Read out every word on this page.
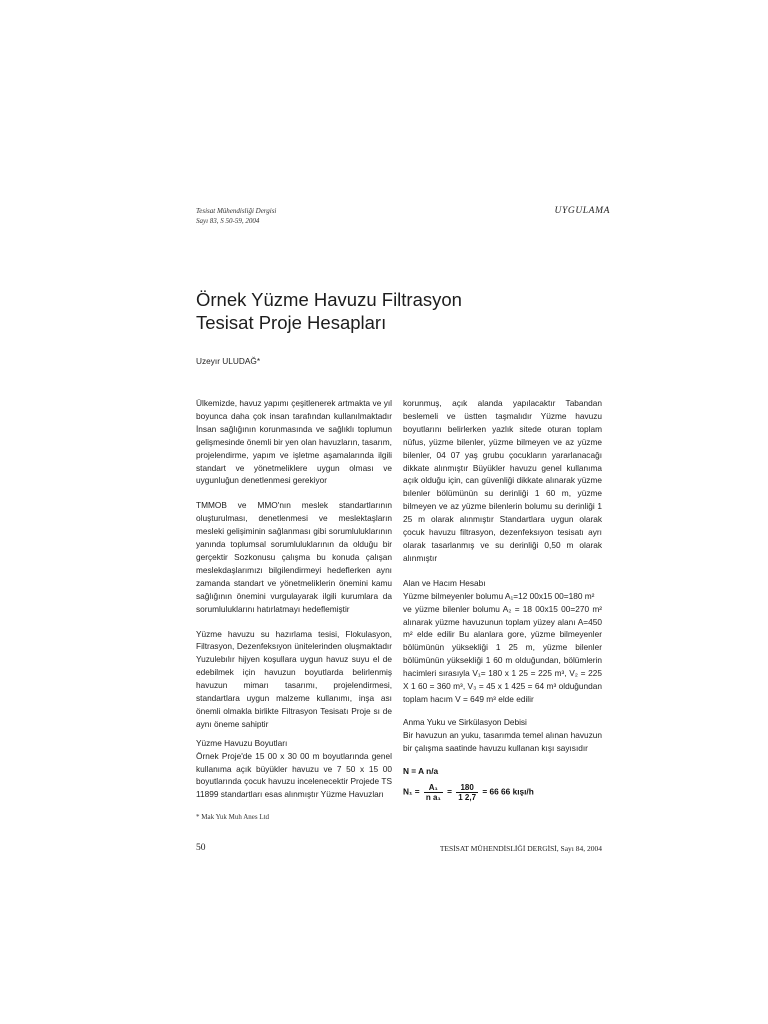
Tesisat Mühendisliği Dergisi
Sayı 83, S 50-59, 2004
UYGULAMA
Örnek Yüzme Havuzu Filtrasyon
Tesisat Proje Hesapları
Uzeyır ULUDAĞ*

Ülkemizde, havuz yapımı çeşitlenerek artmakta ve yıl boyunca daha çok insan tarafından kullanılmaktadır İnsan sağlığının korunmasında ve sağlıklı toplumun gelişmesinde önemli bir yen olan havuzların, tasarım, projelendirme, yapım ve işletme aşamalarında ilgili standart ve yönetmeliklere uygun olması ve uygunluğun denetlenmesi gerekiyor

TMMOB ve MMO'nın meslek standartlarının oluşturulması, denetlenmesi ve meslektaşların mesleki gelişiminin sağlanması gibi sorumluluklarının yanında toplumsal sorumluluklarının da olduğu bir gerçektir Sozkonusu çalışma bu konuda çalışan meslekdaşlarımızı bilgilendirmeyi hedeflerken aynı zamanda standart ve yönetmeliklerin önemini kamu sağlığının önemini vurgulayarak ilgili kurumlara da sorumluluklarını hatırlatmayı hedeflemiştir

Yüzme havuzu su hazırlama tesisi, Flokulasyon, Filtrasyon, Dezenfeksıyon ünitelerinden oluşmaktadır Yuzulebılır hijyen koşullara uygun havuz suyu el de edebilmek için havuzun boyutlarda belirlenmiş havuzun mimarı tasarımı, projelendirmesi, standartlara uygun malzeme kullanımı, inşa ası önemli olmakla birlikte Filtrasyon Tesisatı Proje sı de aynı öneme sahiptir

Yüzme Havuzu Boyutları

Örnek Proje'de 15 00 x 30 00 m boyutlarında genel kullanıma açık büyükler havuzu ve 7 50 x 15 00 boyutlarında çocuk havuzu incelenecektir Projede TS 11899 standartları esas alınmıştır Yüzme Havuzları

korunmuş, açık alanda yapılacaktır Tabandan beslemeli ve üstten taşmalıdır Yüzme havuzu boyutlarını belirlerken yazlık sitede oturan toplam nüfus, yüzme bilenler, yüzme bilmeyen ve az yüzme bilenler, 04 07 yaş grubu çocukların yararlanacağı dikkate alınmıştır Büyükler havuzu genel kullanıma açık olduğu için, can güvenliği dikkate alınarak yüzme bılenler bölümünün su derinliği 1 60 m, yüzme bilmeyen ve az yüzme bilenlerin bolumu su derinliği 1 25 m olarak alınmıştır Standartlara uygun olarak çocuk havuzu filtrasyon, dezenfeksıyon tesisatı ayrı olarak tasarlanmış ve su derinliği 0,50 m olarak alınmıştır

Alan ve Hacım Hesabı

Yüzme bilmeyenler bolumu A₁=12 00x15 00=180 m²

ve yüzme bilenler bolumu A₂ = 18 00x15 00=270 m² alınarak yüzme havuzunun toplam yüzey alanı A=450 m² elde edilir Bu alanlara gore, yüzme bilmeyenler bölümünün yüksekliği 1 25 m, yüzme bilenler bölümünün yüksekliği 1 60 m olduğundan, bölümlerin hacimleri sırasıyla V₁= 180 x 1 25 = 225 m³, V₂ = 225 X 1 60 = 360 m³, V₃ = 45 x 1 425 = 64 m³ olduğundan toplam hacım V = 649 m³ elde edilir

Anma Yuku ve Sirkülasyon Debisi

Bir havuzun an yuku, tasarımda temel alınan havuzun bir çalışma saatinde havuzu kullanan kışı sayısıdır

N = A n/a
$N_1 = \frac{\text{A₁}}{\text{n a₁}} = \frac{180}{1 2,7} = 66$ 66 kışı/h
* Mak Yuk Muh Anes Ltd
50	TESİSAT MÜHENDİSLİĞİ DERGİSİ, Sayı 84, 2004
